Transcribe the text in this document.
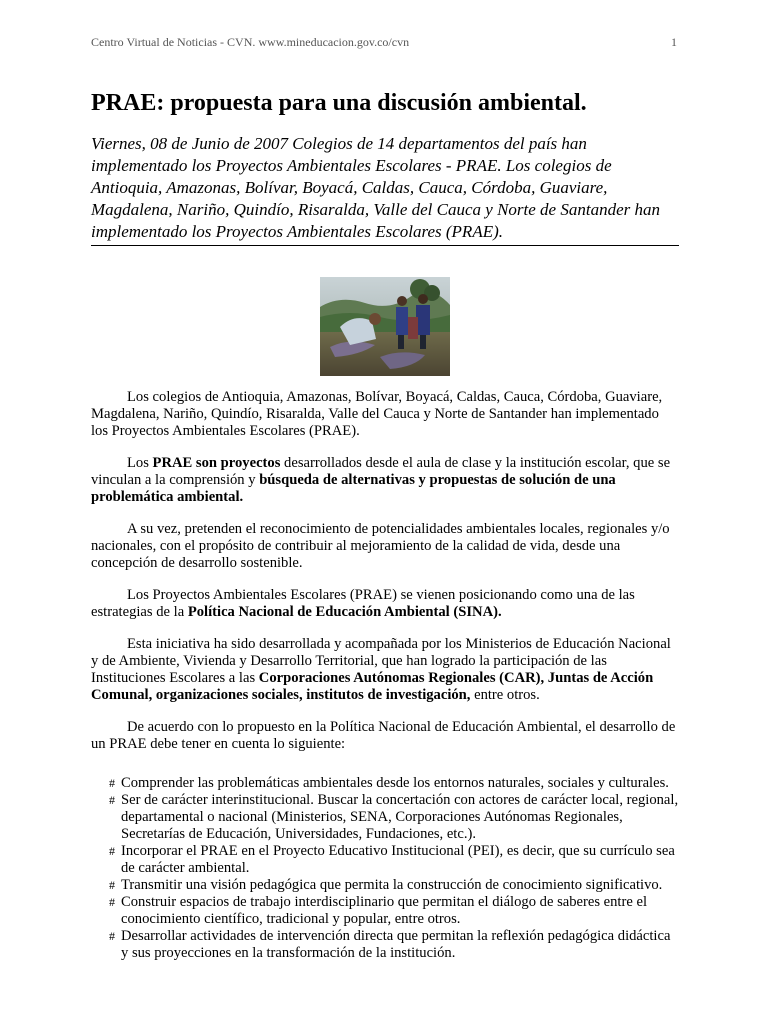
Centro Virtual de Noticias - CVN. www.mineducacion.gov.co/cvn	1
PRAE: propuesta para una discusión ambiental.

Viernes, 08 de Junio de 2007 Colegios de 14 departamentos del país han implementado los Proyectos Ambientales Escolares - PRAE. Los colegios de Antioquia, Amazonas, Bolívar, Boyacá, Caldas, Cauca, Córdoba, Guaviare, Magdalena, Nariño, Quindío, Risaralda, Valle del Cauca y Norte de Santander han implementado los Proyectos Ambientales Escolares (PRAE).

Los colegios de Antioquia, Amazonas, Bolívar, Boyacá, Caldas, Cauca, Córdoba, Guaviare, Magdalena, Nariño, Quindío, Risaralda, Valle del Cauca y Norte de Santander han implementado los Proyectos Ambientales Escolares (PRAE).

Los PRAE son proyectos desarrollados desde el aula de clase y la institución escolar, que se vinculan a la comprensión y búsqueda de alternativas y propuestas de solución de una problemática ambiental.

A su vez, pretenden el reconocimiento de potencialidades ambientales locales, regionales y/o nacionales, con el propósito de contribuir al mejoramiento de la calidad de vida, desde una concepción de desarrollo sostenible.

Los Proyectos Ambientales Escolares (PRAE) se vienen posicionando como una de las estrategias de la Política Nacional de Educación Ambiental (SINA).

Esta iniciativa ha sido desarrollada y acompañada por los Ministerios de Educación Nacional y de Ambiente, Vivienda y Desarrollo Territorial, que han logrado la participación de las Instituciones Escolares a las Corporaciones Autónomas Regionales (CAR), Juntas de Acción Comunal, organizaciones sociales, institutos de investigación, entre otros.

De acuerdo con lo propuesto en la Política Nacional de Educación Ambiental, el desarrollo de un PRAE debe tener en cuenta lo siguiente:

# Comprender las problemáticas ambientales desde los entornos naturales, sociales y culturales.
# Ser de carácter interinstitucional. Buscar la concertación con actores de carácter local, regional, departamental o nacional (Ministerios, SENA, Corporaciones Autónomas Regionales, Secretarías de Educación, Universidades, Fundaciones, etc.).
# Incorporar el PRAE en el Proyecto Educativo Institucional (PEI), es decir, que su currículo sea de carácter ambiental.
# Transmitir una visión pedagógica que permita la construcción de conocimiento significativo.
# Construir espacios de trabajo interdisciplinario que permitan el diálogo de saberes entre el conocimiento científico, tradicional y popular, entre otros.
# Desarrollar actividades de intervención directa que permitan la reflexión pedagógica didáctica y sus proyecciones en la transformación de la institución.
